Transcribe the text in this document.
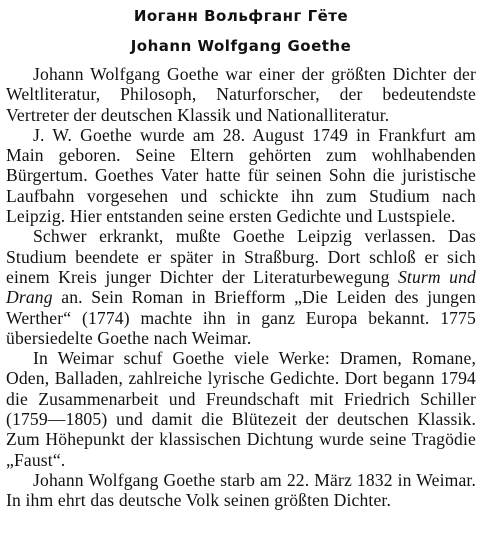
Иоганн Вольфганг Гёте
Johann Wolfgang Goethe

Johann Wolfgang Goethe war einer der größten Dichter der Weltliteratur, Philosoph, Naturforscher, der bedeutendste Vertreter der deutschen Klassik und Nationalliteratur.

J. W. Goethe wurde am 28. August 1749 in Frankfurt am Main geboren. Seine Eltern gehörten zum wohlhabenden Bürgertum. Goethes Vater hatte für seinen Sohn die juristische Laufbahn vorgesehen und schickte ihn zum Studium nach Leipzig. Hier entstanden seine ersten Gedichte und Lustspiele.

Schwer erkrankt, mußte Goethe Leipzig verlassen. Das Studium beendete er später in Straßburg. Dort schloß er sich einem Kreis junger Dichter der Literaturbewegung Sturm und Drang an. Sein Roman in Briefform „Die Leiden des jungen Werther“ (1774) machte ihn in ganz Europa bekannt. 1775 übersiedelte Goethe nach Weimar.

In Weimar schuf Goethe viele Werke: Dramen, Romane, Oden, Balladen, zahlreiche lyrische Gedichte. Dort begann 1794 die Zusammenarbeit und Freundschaft mit Friedrich Schiller (1759—1805) und damit die Blütezeit der deutschen Klassik. Zum Höhepunkt der klassischen Dichtung wurde seine Tragödie „Faust“.

Johann Wolfgang Goethe starb am 22. März 1832 in Weimar. In ihm ehrt das deutsche Volk seinen größten Dichter.
